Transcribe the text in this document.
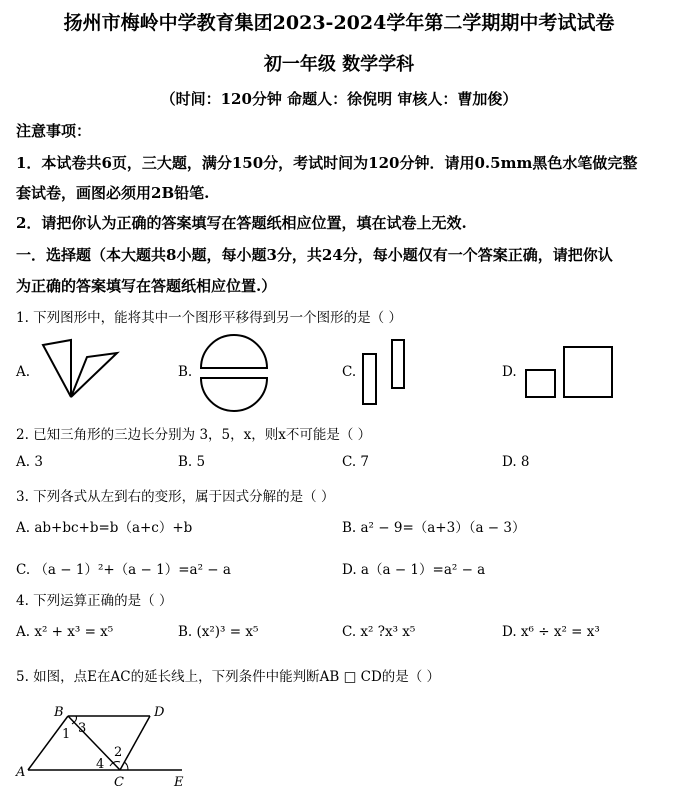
扬州市梅岭中学教育集团2023-2024学年第二学期期中考试试卷
初一年级 数学学科
（时间：120分钟 命题人：徐倪明 审核人：曹加俊）
注意事项：
1．本试卷共6页，三大题，满分150分，考试时间为120分钟．请用0.5mm黑色水笔做完整
套试卷，画图必须用2B铅笔.
2．请把你认为正确的答案填写在答题纸相应位置，填在试卷上无效.
一．选择题（本大题共8小题，每小题3分，共24分，每小题仅有一个答案正确，请把你认
为正确的答案填写在答题纸相应位置.）
1. 下列图形中，能将其中一个图形平移得到另一个图形的是（ ）
A.	B.	C.	D.
2. 已知三角形的三边长分别为 3，5，x，则x不可能是（ ）
A. 3	B. 5	C. 7	D. 8
3. 下列各式从左到右的变形，属于因式分解的是（ ）
A. ab+bc+b=b（a+c）+b	B. a² − 9=（a+3）（a − 3）
C. （a − 1）²+（a − 1）=a² − a	D. a（a − 1）=a² − a
4. 下列运算正确的是（ ）
A. x² + x³ = x⁵	B. (x²)³ = x⁵	C. x² ?x³ x⁵	D. x⁶ ÷ x² = x³
5. 如图，点E在AC的延长线上，下列条件中能判断AB □ CD的是（ ）
B	D
A
C	E
1
2
3
4
